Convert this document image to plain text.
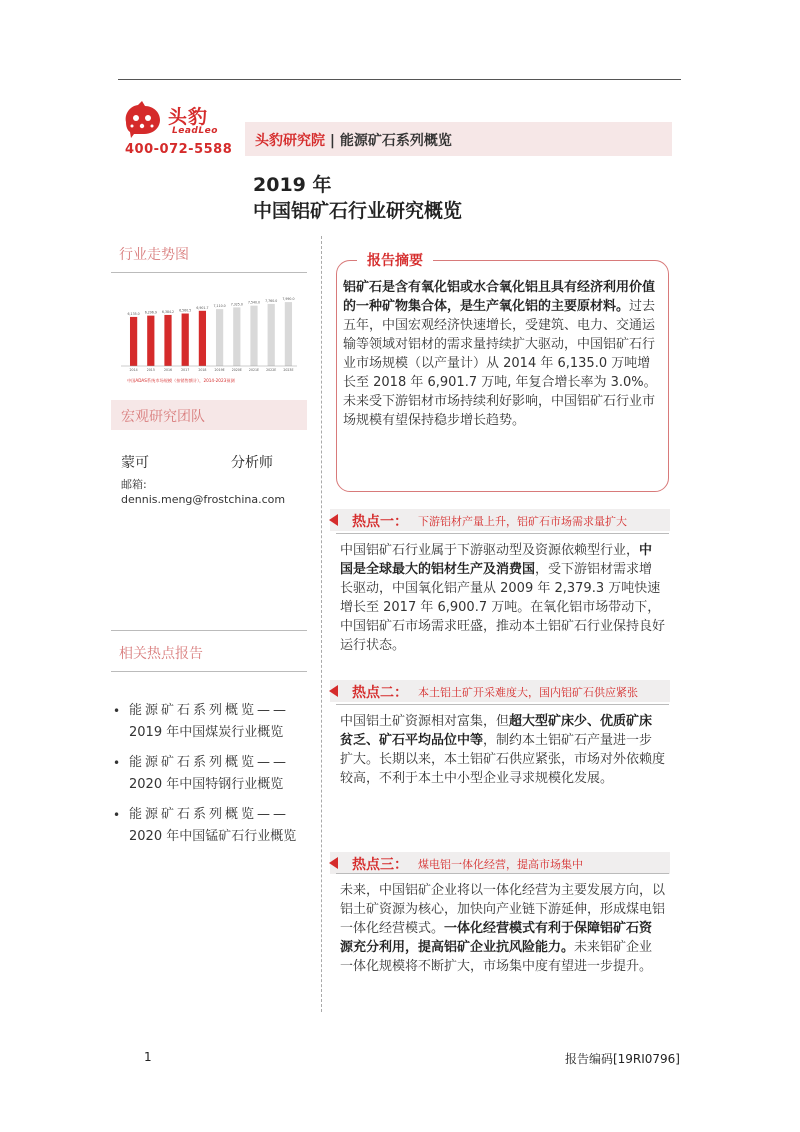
头豹
LeadLeo
400-072-5588
头豹研究院 | 能源矿石系列概览
2019 年
中国铝矿石行业研究概览
行业走势图
6,135.0 6,296.9 6,384.2 6,560.5
6,901.7 7,110.0 7,325.0 7,540.0 7,760.0 7,990.0
2014	2015	2016	2017	2018	2019E 2020E 2021E 2022E 2023E
中国ADAS系统市场规模（按销售额计），2014-2023预测
宏观研究团队
蒙可	分析师
邮箱:
dennis.meng@frostchina.com
相关热点报告
• 能源矿石系列概览——
2019 年中国煤炭行业概览
• 能源矿石系列概览——
2020 年中国特钢行业概览
• 能源矿石系列概览——
2020 年中国锰矿石行业概览
报告摘要
铝矿石是含有氧化铝或水合氧化铝且具有经济利用价值的一种矿物集合体，是生产氧化铝的主要原材料。过去五年，中国宏观经济快速增长，受建筑、电力、交通运输等领域对铝材的需求量持续扩大驱动，中国铝矿石行业市场规模（以产量计）从 2014 年 6,135.0 万吨增长至 2018 年 6,901.7 万吨, 年复合增长率为 3.0%。未来受下游铝材市场持续利好影响，中国铝矿石行业市场规模有望保持稳步增长趋势。
热点一： 下游铝材产量上升，铝矿石市场需求量扩大
中国铝矿石行业属于下游驱动型及资源依赖型行业，中国是全球最大的铝材生产及消费国，受下游铝材需求增长驱动，中国氧化铝产量从 2009 年 2,379.3 万吨快速增长至 2017 年 6,900.7 万吨。在氧化铝市场带动下，中国铝矿石市场需求旺盛，推动本土铝矿石行业保持良好运行状态。
热点二： 本土铝土矿开采难度大，国内铝矿石供应紧张
中国铝土矿资源相对富集，但超大型矿床少、优质矿床贫乏、矿石平均品位中等，制约本土铝矿石产量进一步扩大。长期以来，本土铝矿石供应紧张，市场对外依赖度较高，不利于本土中小型企业寻求规模化发展。
热点三： 煤电铝一体化经营，提高市场集中
未来，中国铝矿企业将以一体化经营为主要发展方向，以铝土矿资源为核心，加快向产业链下游延伸，形成煤电铝一体化经营模式。一体化经营模式有利于保障铝矿石资源充分利用，提高铝矿企业抗风险能力。未来铝矿企业一体化规模将不断扩大，市场集中度有望进一步提升。
1	报告编码[19RI0796]
